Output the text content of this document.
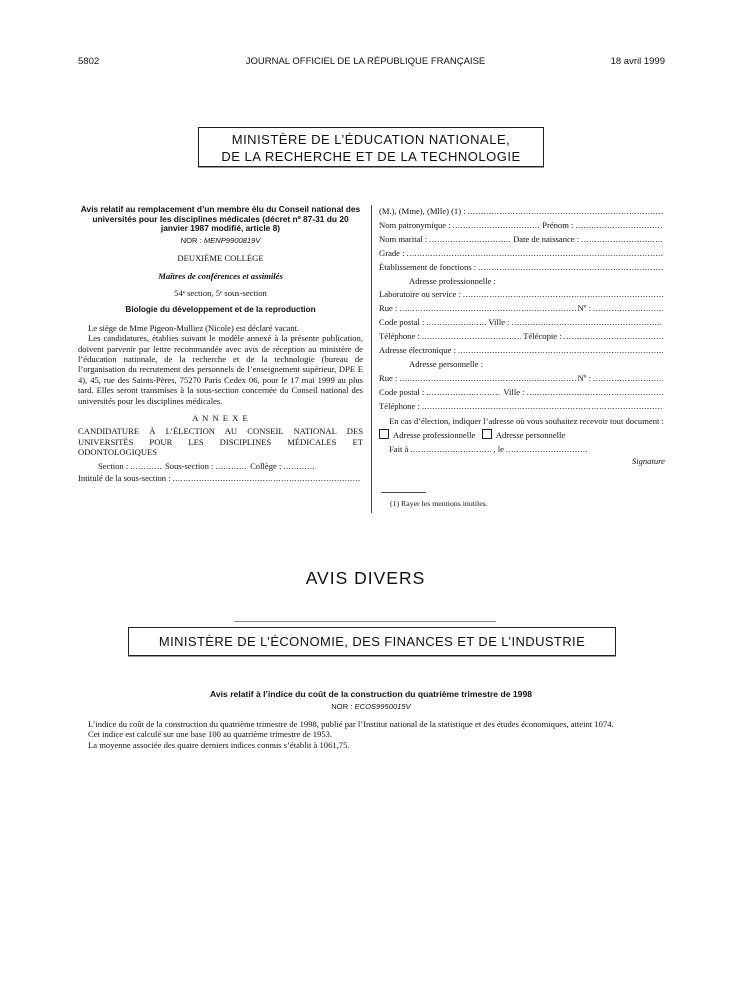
5802	JOURNAL OFFICIEL DE LA RÉPUBLIQUE FRANÇAISE	18 avril 1999
MINISTÈRE DE L’ÉDUCATION NATIONALE,
DE LA RECHERCHE ET DE LA TECHNOLOGIE
Avis relatif au remplacement d’un membre élu du Conseil national des universités pour les disciplines médicales (décret nº 87-31 du 20 janvier 1987 modifié, article 8)
NOR : MENP9900819V
DEUXIÈME COLLÈGE
Maîtres de conférences et assimilés
54ᵉ section, 5ᵉ sous-section
Biologie du développement et de la reproduction
Le siège de Mme Pigeon-Mulliez (Nicole) est déclaré vacant.
Les candidatures, établies suivant le modèle annexé à la présente publication, doivent parvenir par lettre recommandée avec avis de réception au ministère de l’éducation nationale, de la recherche et de la technologie (bureau de l’organisation du recrutement des personnels de l’enseignement supérieur, DPE E 4), 45, rue des Saints-Pères, 75270 Paris Cedex 06, pour le 17 mai 1999 au plus tard. Elles seront transmises à la sous-section concernée du Conseil national des universités pour les disciplines médicales.
A N N E X E
CANDIDATURE À L’ÉLECTION AU CONSEIL NATIONAL DES UNIVERSITÉS POUR LES DISCIPLINES MÉDICALES ET ODONTOLOGIQUES
Section : .....	Sous-section : .....	Collège :
.....
Intitulé de la sous-section :
.....
(M.), (Mme), (Mlle) (1) :
.....
Nom patronymique : .....	Prénom :
.....
Nom marital : .....	Date de naissance :
.....
Grade :
.....
Établissement de fonctions :
.....
Adresse professionnelle :
Laboratoire ou service :
.....
Rue : .....	Nº :
.....
Code postal : .....	Ville :
.....
Téléphone : .....	Télécopie :
.....
Adresse électronique :
.....
Adresse personnelle :
Rue : .....	Nº :
.....
Code postal : .....	Ville :
.....
Téléphone :
.....
En cas d’élection, indiquer l’adresse où vous souhaitez recevoir tout document :
Adresse professionnelle Adresse personnelle
Fait à .....	, le
.....
Signature
(1) Rayer les mentions inutiles.
AVIS DIVERS
MINISTÈRE DE L’ÉCONOMIE, DES FINANCES ET DE L’INDUSTRIE
Avis relatif à l’indice du coût de la construction du quatrième trimestre de 1998
NOR : ECOS9950015V
L’indice du coût de la construction du quatrième trimestre de 1998, publié par l’Institut national de la statistique et des études économiques, atteint 1074.
Cet indice est calculé sur une base 100 au quatrième trimestre de 1953.
La moyenne associée des quatre derniers indices connus s’établit à 1061,75.
